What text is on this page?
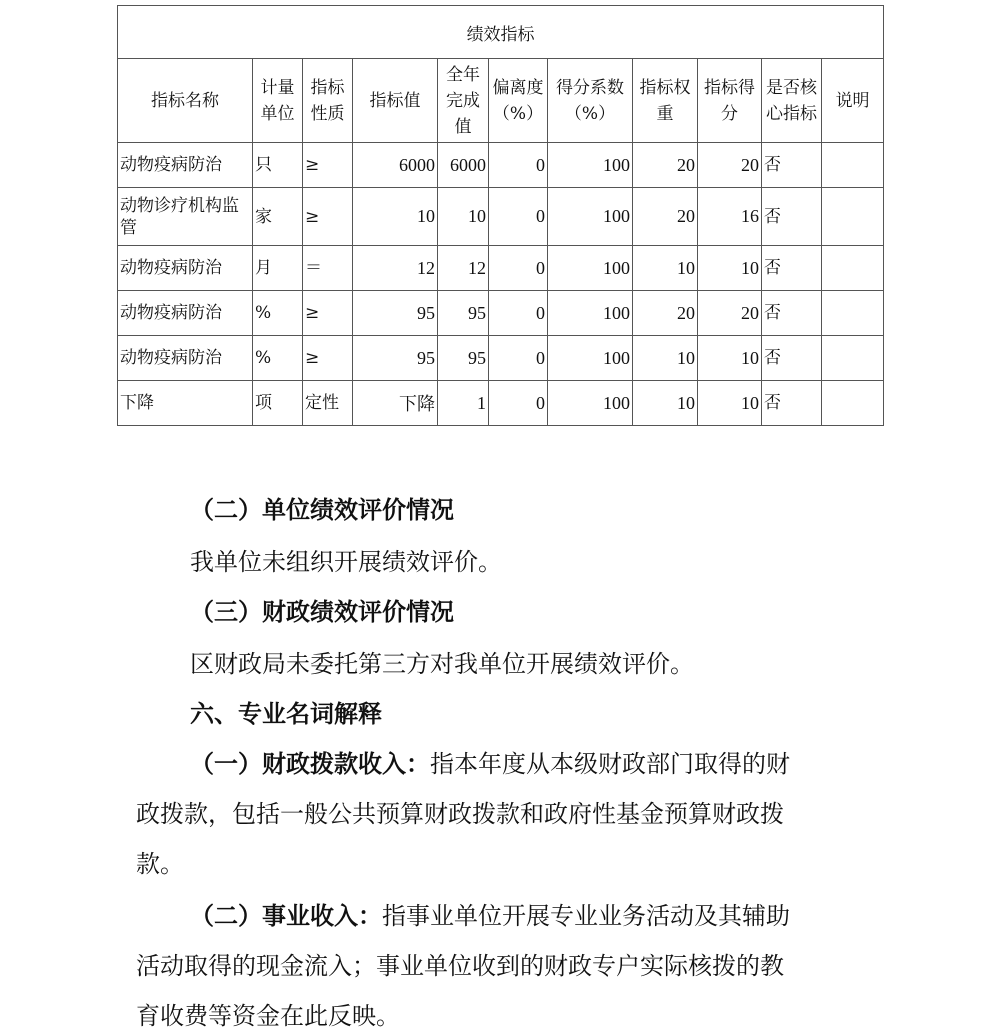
绩效指标										
指标名称	计量单位	指标性质	指标值	全年完成值	偏离度（%）	得分系数（%）	指标权重	指标得分	是否核心指标	说明
动物疫病防治	只	≥	6000	6000	0	100	20	20	否	
动物诊疗机构监管	家	≥	10	10	0	100	20	16	否	
动物疫病防治	月	＝	12	12	0	100	10	10	否	
动物疫病防治	%	≥	95	95	0	100	20	20	否	
动物疫病防治	%	≥	95	95	0	100	10	10	否	
下降	项	定性	下降	1	0	100	10	10	否	
（二）单位绩效评价情况
我单位未组织开展绩效评价。
（三）财政绩效评价情况
区财政局未委托第三方对我单位开展绩效评价。
六、专业名词解释
（一）财政拨款收入：指本年度从本级财政部门取得的财
政拨款，包括一般公共预算财政拨款和政府性基金预算财政拨
款。
（二）事业收入：指事业单位开展专业业务活动及其辅助
活动取得的现金流入；事业单位收到的财政专户实际核拨的教
育收费等资金在此反映。
